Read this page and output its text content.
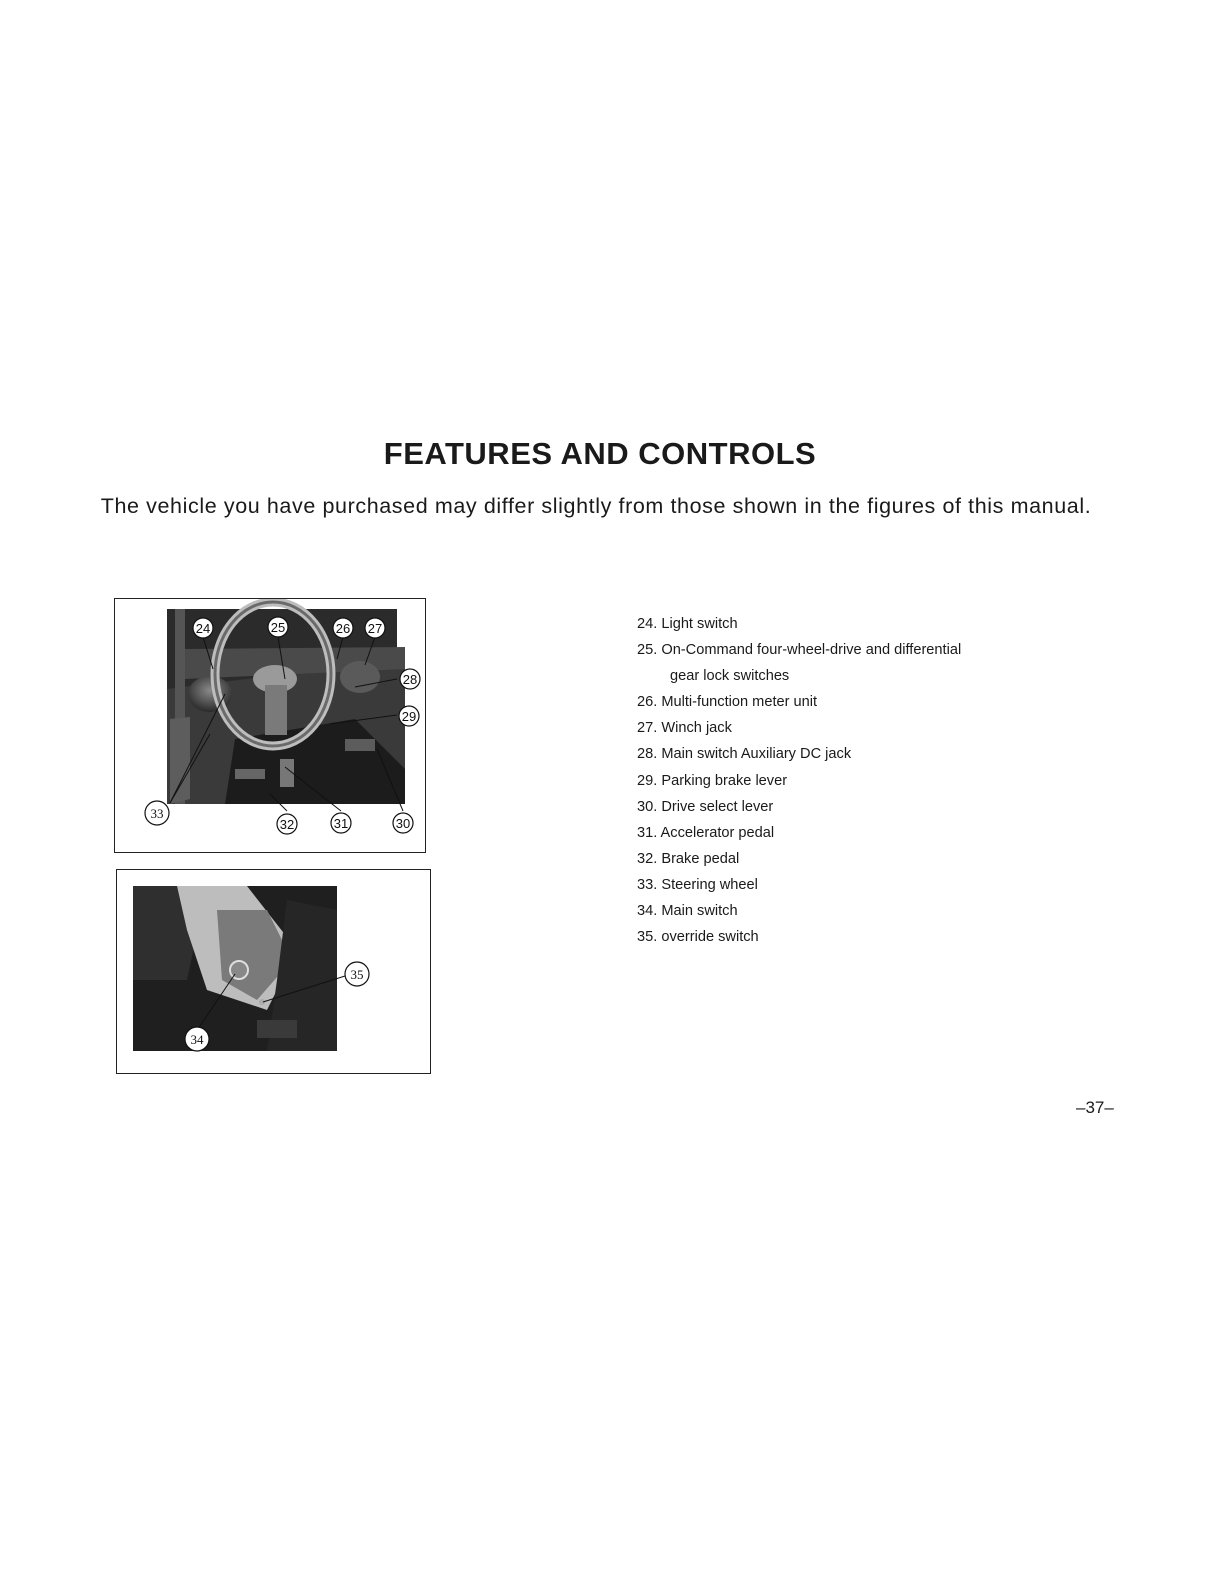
FEATURES AND CONTROLS
The vehicle you have purchased may differ slightly from those shown in the figures of this manual.
24	25	26 27
28
29
30
31
32
33
34
35
24. Light switch
25. On-Command four-wheel-drive and differential
gear lock switches
26. Multi-function meter unit
27. Winch jack
28. Main switch Auxiliary DC jack
29. Parking brake lever
30. Drive select lever
31. Accelerator pedal
32. Brake pedal
33. Steering wheel
34. Main switch
35. override switch
–37–
